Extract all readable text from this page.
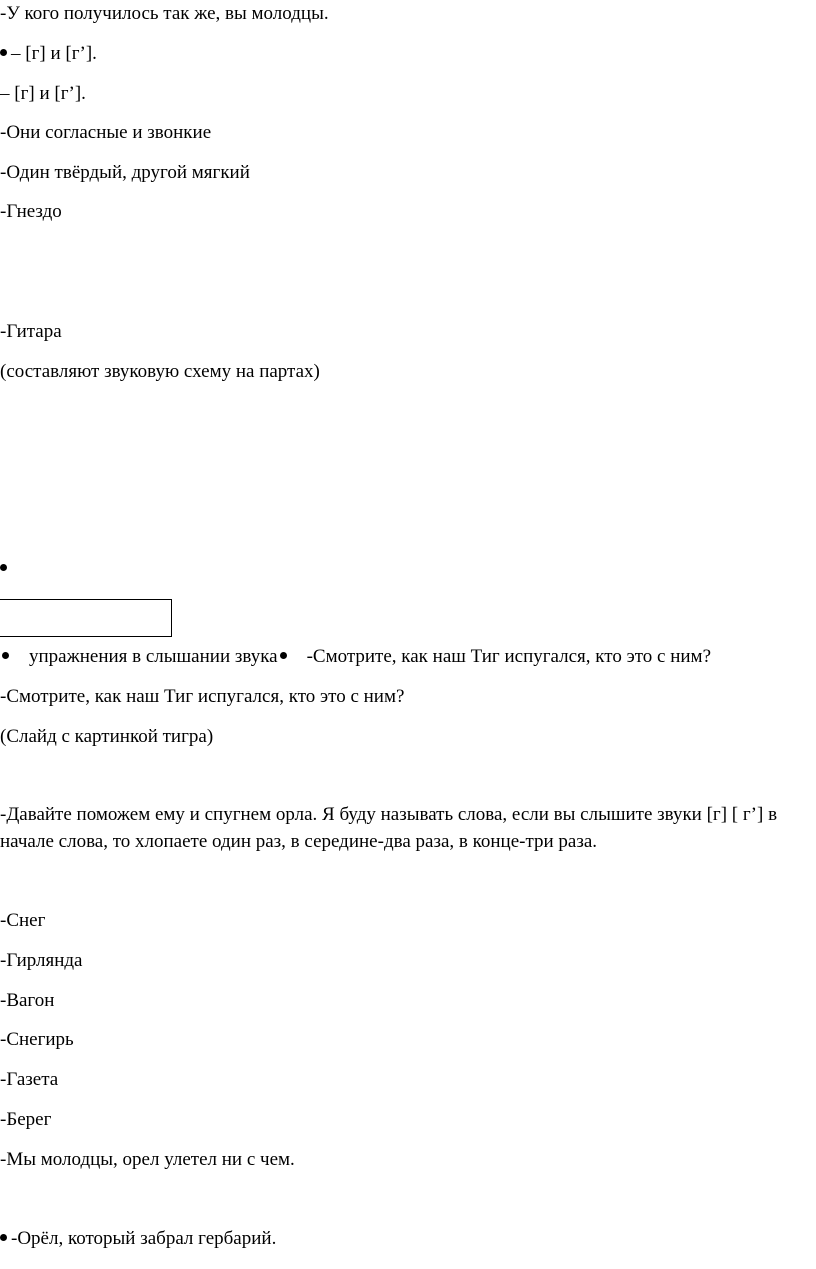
-У кого получилось так же, вы молодцы.
– [г] и [г’].
– [г] и [г’].
-Они согласные и звонкие
-Один твёрдый, другой мягкий
-Гнездо
-Гитара
(составляют звуковую схему на партах)
упражнения в слышании звука -Смотрите, как наш Тиг испугался, кто это с ним?
-Смотрите, как наш Тиг испугался, кто это с ним?
(Слайд с картинкой тигра)
-Давайте поможем ему и спугнем орла. Я буду называть слова, если вы слышите звуки [г] [ г’] в начале слова, то хлопаете один раз, в середине-два раза, в конце-три раза.
-Снег
-Гирлянда
-Вагон
-Снегирь
-Газета
-Берег
-Мы молодцы, орел улетел ни с чем.
-Орёл, который забрал гербарий.
